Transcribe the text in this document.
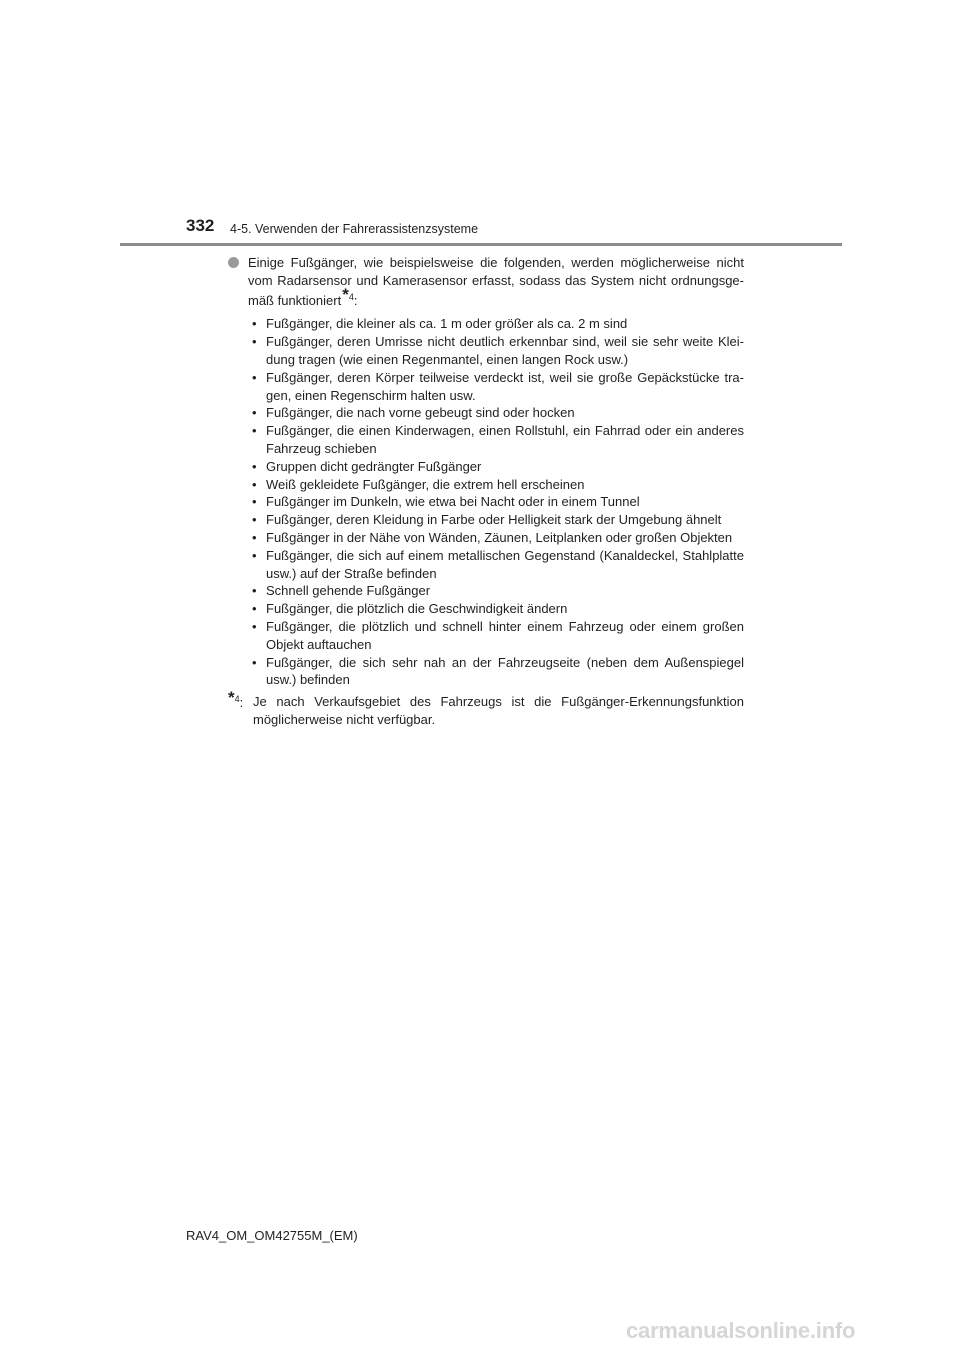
332 4-5. Verwenden der Fahrerassistenzsysteme
Einige Fußgänger, wie beispielsweise die folgenden, werden möglicherweise nicht vom Radarsensor und Kamerasensor erfasst, sodass das System nicht ordnungsgemäß funktioniert*$^4$:
• Fußgänger, die kleiner als ca. 1 m oder größer als ca. 2 m sind
• Fußgänger, deren Umrisse nicht deutlich erkennbar sind, weil sie sehr weite Kleidung tragen (wie einen Regenmantel, einen langen Rock usw.)
• Fußgänger, deren Körper teilweise verdeckt ist, weil sie große Gepäckstücke tragen, einen Regenschirm halten usw.
• Fußgänger, die nach vorne gebeugt sind oder hocken
• Fußgänger, die einen Kinderwagen, einen Rollstuhl, ein Fahrrad oder ein anderes Fahrzeug schieben
• Gruppen dicht gedrängter Fußgänger
• Weiß gekleidete Fußgänger, die extrem hell erscheinen
• Fußgänger im Dunkeln, wie etwa bei Nacht oder in einem Tunnel
• Fußgänger, deren Kleidung in Farbe oder Helligkeit stark der Umgebung ähnelt
• Fußgänger in der Nähe von Wänden, Zäunen, Leitplanken oder großen Objekten
• Fußgänger, die sich auf einem metallischen Gegenstand (Kanaldeckel, Stahlplatte usw.) auf der Straße befinden
• Schnell gehende Fußgänger
• Fußgänger, die plötzlich die Geschwindigkeit ändern
• Fußgänger, die plötzlich und schnell hinter einem Fahrzeug oder einem großen Objekt auftauchen
• Fußgänger, die sich sehr nah an der Fahrzeugseite (neben dem Außenspiegel usw.) befinden
*$^4$: Je nach Verkaufsgebiet des Fahrzeugs ist die Fußgänger-Erkennungsfunktion möglicherweise nicht verfügbar.
RAV4_OM_OM42755M_(EM)
carmanualsonline.info
